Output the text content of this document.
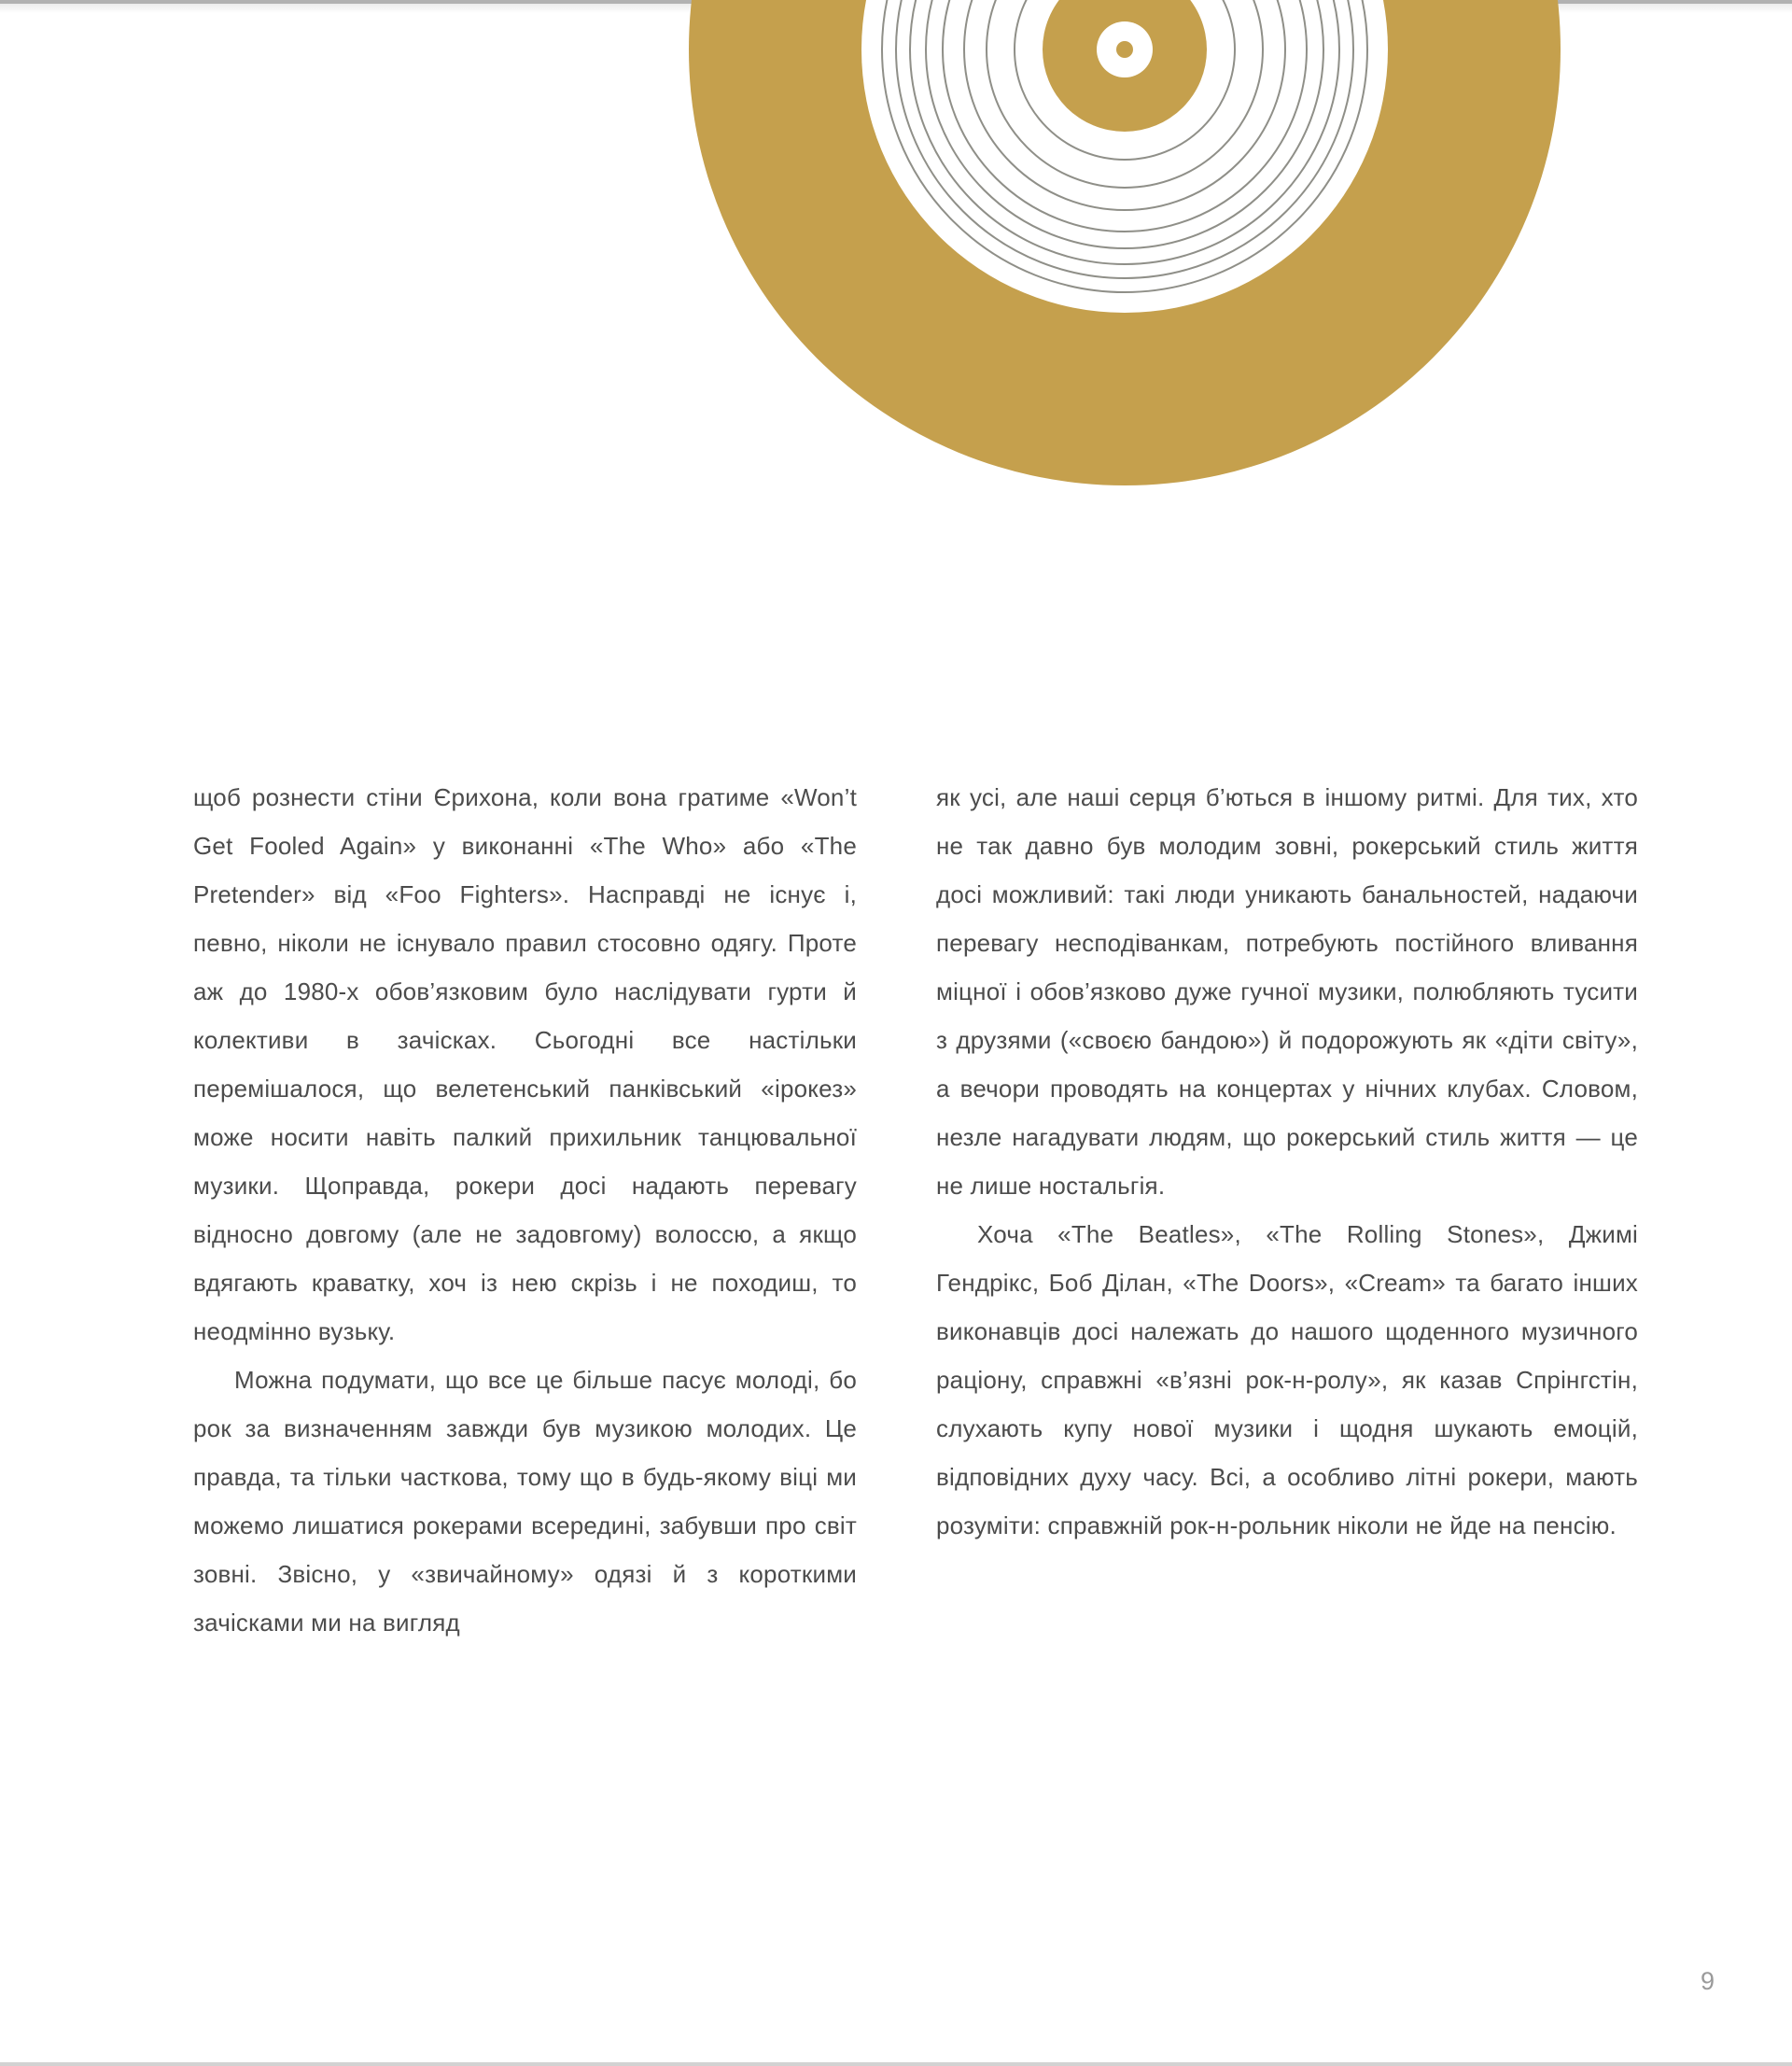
щоб рознести стіни Єрихона, коли вона гратиме «Won’t Get Fooled Again» у виконанні «The Who» або «The Pretender» від «Foo Fighters». Насправді не існує і, певно, ніколи не існувало правил стосовно одягу. Проте аж до 1980-х обов’язковим було наслідувати гурти й колективи в зачісках. Сьогодні все настільки перемішалося, що велетенський панківський «ірокез» може носити навіть палкий прихильник танцювальної музики. Щоправда, рокери досі надають перевагу відносно довгому (але не задовгому) волоссю, а якщо вдягають краватку, хоч із нею скрізь і не походиш, то неодмінно вузьку.

Можна подумати, що все це більше пасує молоді, бо рок за визначенням завжди був музикою молодих. Це правда, та тільки часткова, тому що в будь-якому віці ми можемо лишатися рокерами всередині, забувши про світ зовні. Звісно, у «звичайному» одязі й з короткими зачісками ми на вигляд

як усі, але наші серця б’ються в іншому ритмі. Для тих, хто не так давно був молодим зовні, рокерський стиль життя досі можливий: такі люди уникають банальностей, надаючи перевагу несподіванкам, потребують постійного вливання міцної і обов’язково дуже гучної музики, полюбляють тусити з друзями («своєю бандою») й подорожують як «діти світу», а вечори проводять на концертах у нічних клубах. Словом, незле нагадувати людям, що рокерський стиль життя — це не лише ностальгія.

Хоча «The Beatles», «The Rolling Stones», Джимі Гендрікс, Боб Ділан, «The Doors», «Cream» та багато інших виконавців досі належать до нашого щоденного музичного раціону, справжні «в’язні рок-н-ролу», як казав Спрінгстін, слухають купу нової музики і щодня шукають емоцій, відповідних духу часу. Всі, а особливо літні рокери, мають розуміти: справжній рок-н-рольник ніколи не йде на пенсію.

9
